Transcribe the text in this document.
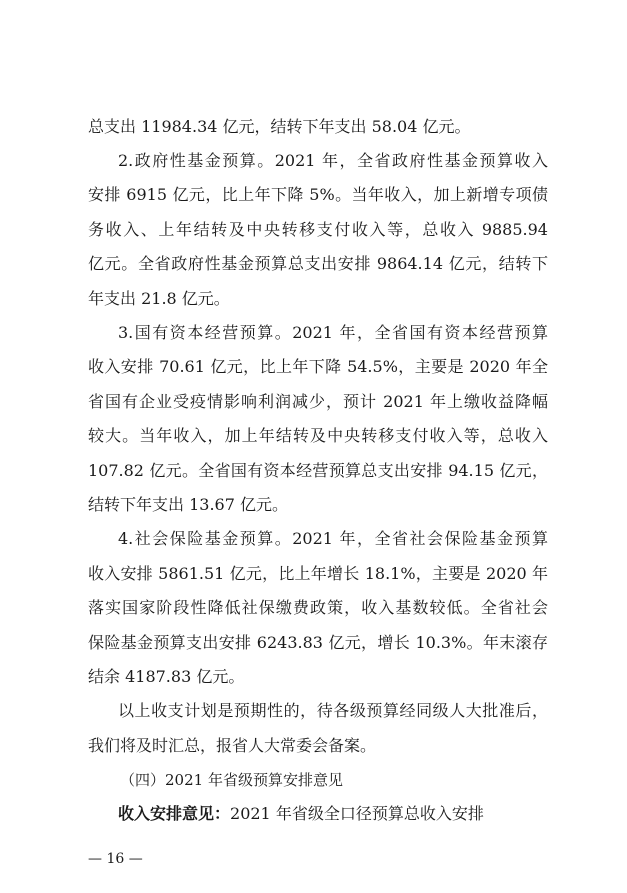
总支出 11984.34 亿元，结转下年支出 58.04 亿元。
2.政府性基金预算。2021 年，全省政府性基金预算收入
安排 6915 亿元，比上年下降 5%。当年收入，加上新增专项债
务收入、上年结转及中央转移支付收入等，总收入 9885.94
亿元。全省政府性基金预算总支出安排 9864.14 亿元，结转下
年支出 21.8 亿元。
3.国有资本经营预算。2021 年，全省国有资本经营预算
收入安排 70.61 亿元，比上年下降 54.5%，主要是 2020 年全
省国有企业受疫情影响利润减少，预计 2021 年上缴收益降幅
较大。当年收入，加上年结转及中央转移支付收入等，总收入
107.82 亿元。全省国有资本经营预算总支出安排 94.15 亿元，
结转下年支出 13.67 亿元。
4.社会保险基金预算。2021 年，全省社会保险基金预算
收入安排 5861.51 亿元，比上年增长 18.1%，主要是 2020 年
落实国家阶段性降低社保缴费政策，收入基数较低。全省社会
保险基金预算支出安排 6243.83 亿元，增长 10.3%。年末滚存
结余 4187.83 亿元。
以上收支计划是预期性的，待各级预算经同级人大批准后，
我们将及时汇总，报省人大常委会备案。
（四）2021 年省级预算安排意见
收入安排意见：2021 年省级全口径预算总收入安排
— 16 —
